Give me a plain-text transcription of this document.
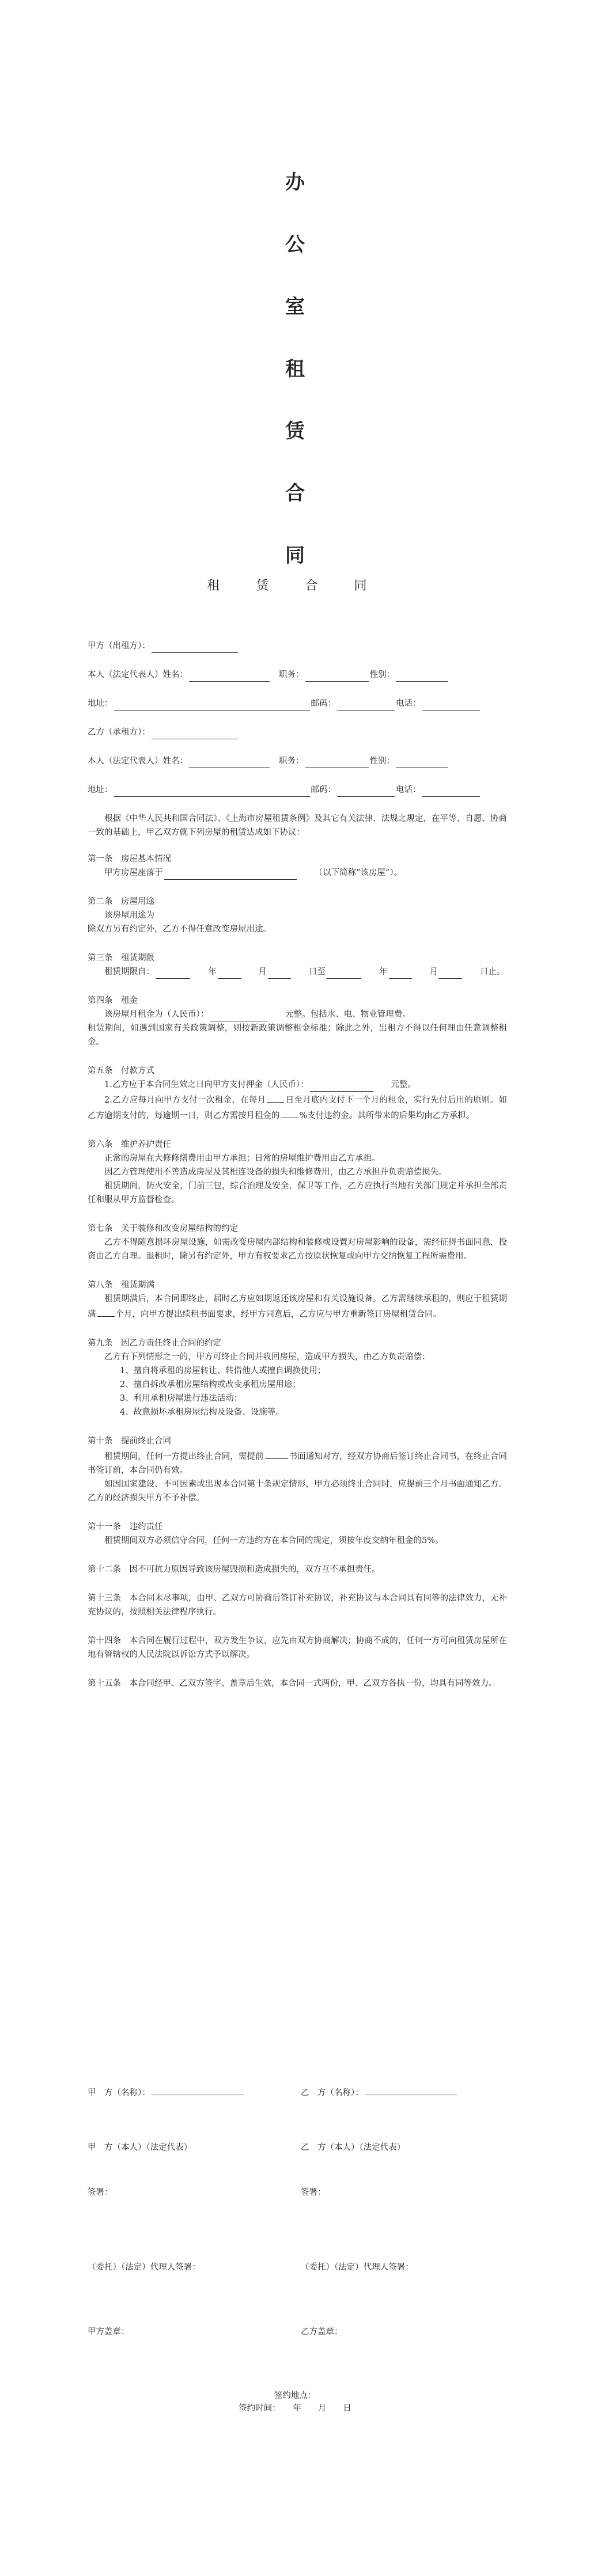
办
公
室
租
赁
合
同
租 赁 合 同
甲方（出租方）：
本人（法定代表人）姓名：	职务：	性别：
地址：	邮码：	电话：
乙方（承租方）：
本人（法定代表人）姓名：	职务：	性别：
地址：	邮码：	电话：

根据《中华人民共和国合同法》、《上海市房屋租赁条例》及其它有关法律、法规之规定，在平等、自愿、协商一致的基础上，甲乙双方就下列房屋的租赁达成如下协议：

第一条　房屋基本情况

甲方房屋座落于	（以下简称“该房屋”）。

第二条　房屋用途

该房屋用途为

除双方另有约定外，乙方不得任意改变房屋用途。

第三条　租赁期限

租赁期限自：	年	月	日至	年	月	日止。

第四条　租金

该房屋月租金为（人民币）：	元整。包括水、电、物业管理费。

租赁期间，如遇到国家有关政策调整，则按新政策调整租金标准；除此之外，出租方不得以任何理由任意调整租金。

第五条　付款方式

1.乙方应于本合同生效之日向甲方支付押金（人民币）：	元整。

2.乙方应每月向甲方支付一次租金，在每月 日至月底内支付下一个月的租金，实行先付后用的原则。如乙方逾期支付的，每逾期一日，则乙方需按月租金的 %支付违约金。其所带来的后果均由乙方承担。

第六条　维护养护责任

正常的房屋在大修修缮费用由甲方承担；日常的房屋维护费用由乙方承担。

因乙方管理使用不善造成房屋及其相连设备的损失和维修费用，由乙方承担并负责赔偿损失。

租赁期间，防火安全，门前三包，综合治理及安全，保卫等工作，乙方应执行当地有关部门规定并承担全部责任和服从甲方监督检查。

第七条　关于装修和改变房屋结构的约定

乙方不得随意损坏房屋设施，如需改变房屋内部结构和装修或设置对房屋影响的设备，需经征得书面同意，投资由乙方自理。退租时，除另有约定外，甲方有权要求乙方按原状恢复或向甲方交纳恢复工程所需费用。

第八条　租赁期满

租赁期满后，本合同即终止，届时乙方应如期返还该房屋和有关设施设备。乙方需继续承租的，则应于租赁期满 个月，向甲方提出续租书面要求，经甲方同意后，乙方应与甲方重新签订房屋租赁合同。

第九条　因乙方责任终止合同的约定

乙方有下列情形之一的，甲方可终止合同并收回房屋，造成甲方损失，由乙方负责赔偿：

1、擅自将承租的房屋转让、转借他人或擅自调换使用；

2、擅自拆改承租房屋结构或改变承租房屋用途；

3、利用承租房屋进行违法活动；

4、故意损坏承租房屋结构及设备、设施等。

第十条　提前终止合同

租赁期间，任何一方提出终止合同，需提前	书面通知对方，经双方协商后签订终止合同书，在终止合同书签订前，本合同仍有效。

如因国家建设、不可因素或出现本合同第十条规定情形，甲方必须终止合同时，应提前三个月书面通知乙方。乙方的经济损失甲方不予补偿。

第十一条　违约责任

租赁期间双方必须信守合同，任何一方违约方在本合同的规定，须按年度交纳年租金的5%。

第十二条　因不可抗力原因导致该房屋毁损和造成损失的，双方互不承担责任。

第十三条　本合同未尽事项，由甲、乙双方可协商后签订补充协议，补充协议与本合同具有同等的法律效力，无补充协议的，按照相关法律程序执行。

第十四条　本合同在履行过程中，双方发生争议，应先由双方协商解决；协商不成的，任何一方可向租赁房屋所在地有管辖权的人民法院以诉讼方式予以解决。

第十五条　本合同经甲、乙双方签字、盖章后生效，本合同一式两份，甲、乙双方各执一份，均具有同等效力。

甲　方（名称）：	乙　方（名称）：
甲　方（本人）（法定代表）	乙　方（本人）（法定代表）
签署：	签署：
（委托）（法定）代理人签署：	（委托）（法定）代理人签署：
甲方盖章：	乙方盖章：
签约地点：
签约时间：　　年　　月　　日
